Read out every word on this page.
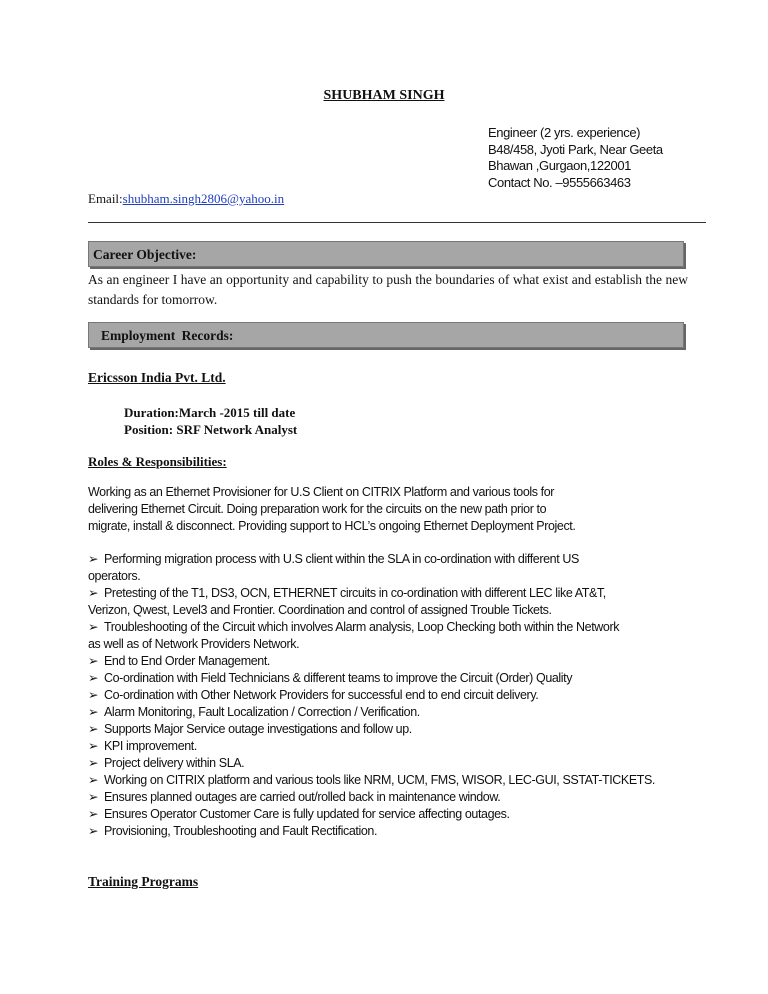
SHUBHAM SINGH
Engineer (2 yrs. experience)
B48/458, Jyoti Park, Near Geeta
Bhawan ,Gurgaon,122001
Contact No. –9555663463
Email:shubham.singh2806@yahoo.in
Career Objective:
As an engineer I have an opportunity and capability to push the boundaries of what exist and establish the new standards for tomorrow.
Employment Records:
Ericsson India Pvt. Ltd.
Duration:March -2015 till date
Position: SRF Network Analyst
Roles & Responsibilities:
Working as an Ethernet Provisioner for U.S Client on CITRIX Platform and various tools for
delivering Ethernet Circuit. Doing preparation work for the circuits on the new path prior to
migrate, install & disconnect. Providing support to HCL’s ongoing Ethernet Deployment Project.
➢ Performing migration process with U.S client within the SLA in co-ordination with different US
operators.
➢ Pretesting of the T1, DS3, OCN, ETHERNET circuits in co-ordination with different LEC like AT&T,
Verizon, Qwest, Level3 and Frontier. Coordination and control of assigned Trouble Tickets.
➢ Troubleshooting of the Circuit which involves Alarm analysis, Loop Checking both within the Network
as well as of Network Providers Network.
➢ End to End Order Management.
➢ Co-ordination with Field Technicians & different teams to improve the Circuit (Order) Quality
➢ Co-ordination with Other Network Providers for successful end to end circuit delivery.
➢ Alarm Monitoring, Fault Localization / Correction / Verification.
➢ Supports Major Service outage investigations and follow up.
➢ KPI improvement.
➢ Project delivery within SLA.
➢ Working on CITRIX platform and various tools like NRM, UCM, FMS, WISOR, LEC-GUI, SSTAT-TICKETS.
➢ Ensures planned outages are carried out/rolled back in maintenance window.
➢ Ensures Operator Customer Care is fully updated for service affecting outages.
➢ Provisioning, Troubleshooting and Fault Rectification.
Training Programs
